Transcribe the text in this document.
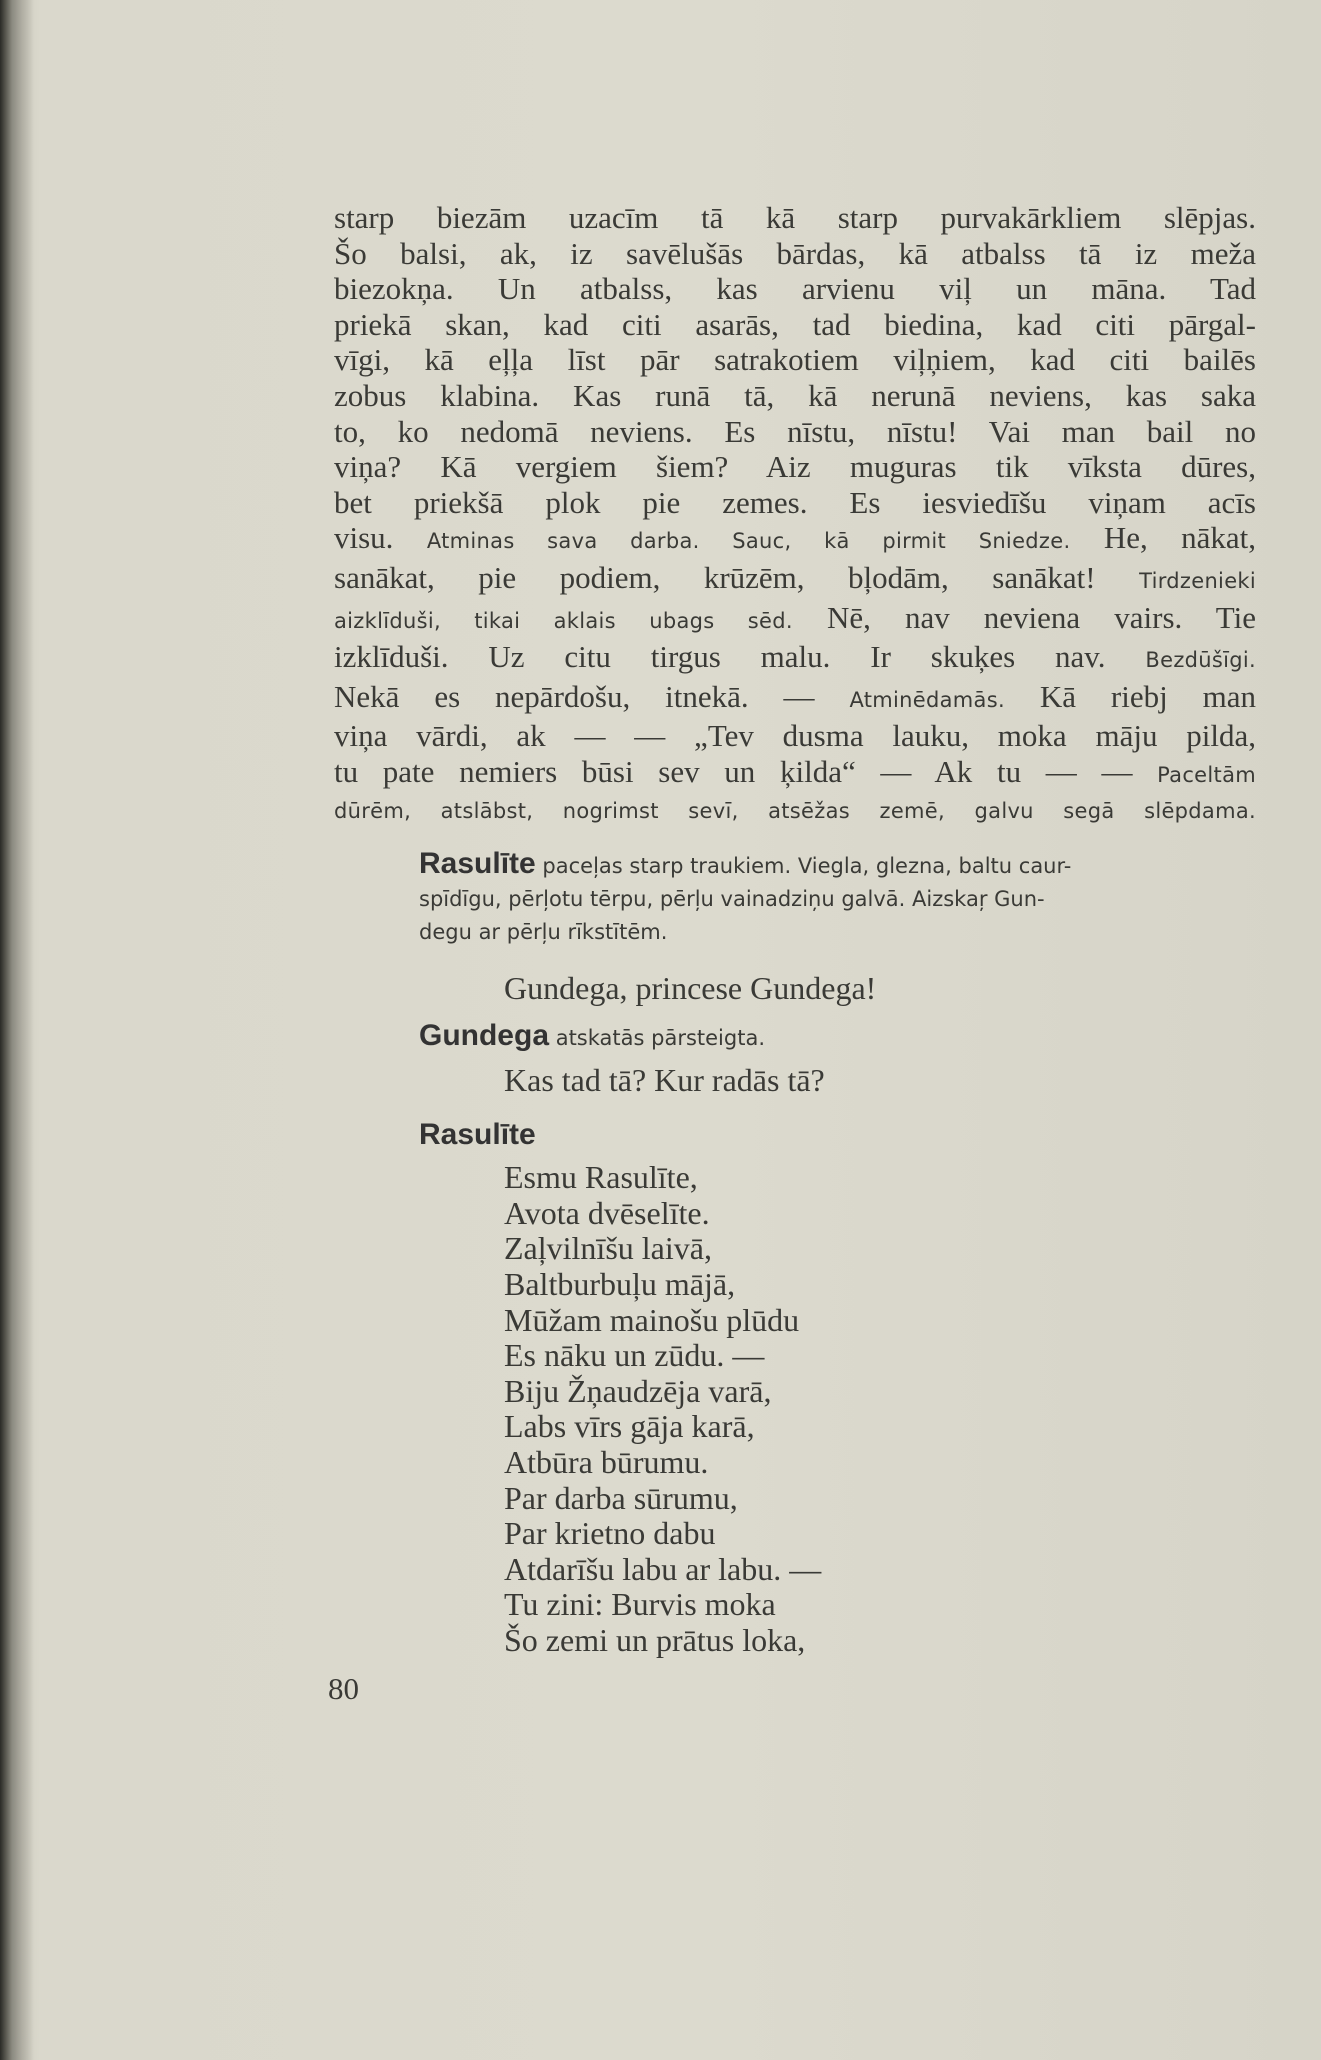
starp biezām uzacīm tā kā starp purvakārkliem slēpjas.
Šo balsi, ak, iz savēlušās bārdas, kā atbalss tā iz meža
biezokņa. Un atbalss, kas arvienu viļ un māna. Tad
priekā skan, kad citi asarās, tad biedina, kad citi pārgal-
vīgi, kā eļļa līst pār satrakotiem viļņiem, kad citi bailēs
zobus klabina. Kas runā tā, kā nerunā neviens, kas saka
to, ko nedomā neviens. Es nīstu, nīstu! Vai man bail no
viņa? Kā vergiem šiem? Aiz muguras tik vīksta dūres,
bet priekšā plok pie zemes. Es iesviedīšu viņam acīs
visu. Atminas sava darba. Sauc, kā pirmit Sniedze. He, nākat,
sanākat, pie podiem, krūzēm, bļodām, sanākat! Tirdzenieki
aizklīduši, tikai aklais ubags sēd. Nē, nav neviena vairs. Tie
izklīduši. Uz citu tirgus malu. Ir skuķes nav. Bezdūšīgi.
Nekā es nepārdošu, itnekā. — Atminēdamās. Kā riebj man
viņa vārdi, ak — — „Tev dusma lauku, moka māju pilda,
tu pate nemiers būsi sev un ķilda“ — Ak tu — — Paceltām
dūrēm, atslābst, nogrimst sevī, atsēžas zemē, galvu segā slēpdama.
Rasulīte paceļas starp traukiem. Viegla, glezna, baltu caur-
spīdīgu, pērļotu tērpu, pērļu vainadziņu galvā. Aizskaŗ Gun-
degu ar pērļu rīkstītēm.
Gundega, princese Gundega!
Gundega atskatās pārsteigta.
Kas tad tā? Kur radās tā?
Rasulīte
Esmu Rasulīte,
Avota dvēselīte.
Zaļvilnīšu laivā,
Baltburbuļu mājā,
Mūžam mainošu plūdu
Es nāku un zūdu. —
Biju Žņaudzēja varā,
Labs vīrs gāja karā,
Atbūra būrumu.
Par darba sūrumu,
Par krietno dabu
Atdarīšu labu ar labu. —
Tu zini: Burvis moka
Šo zemi un prātus loka,
80
